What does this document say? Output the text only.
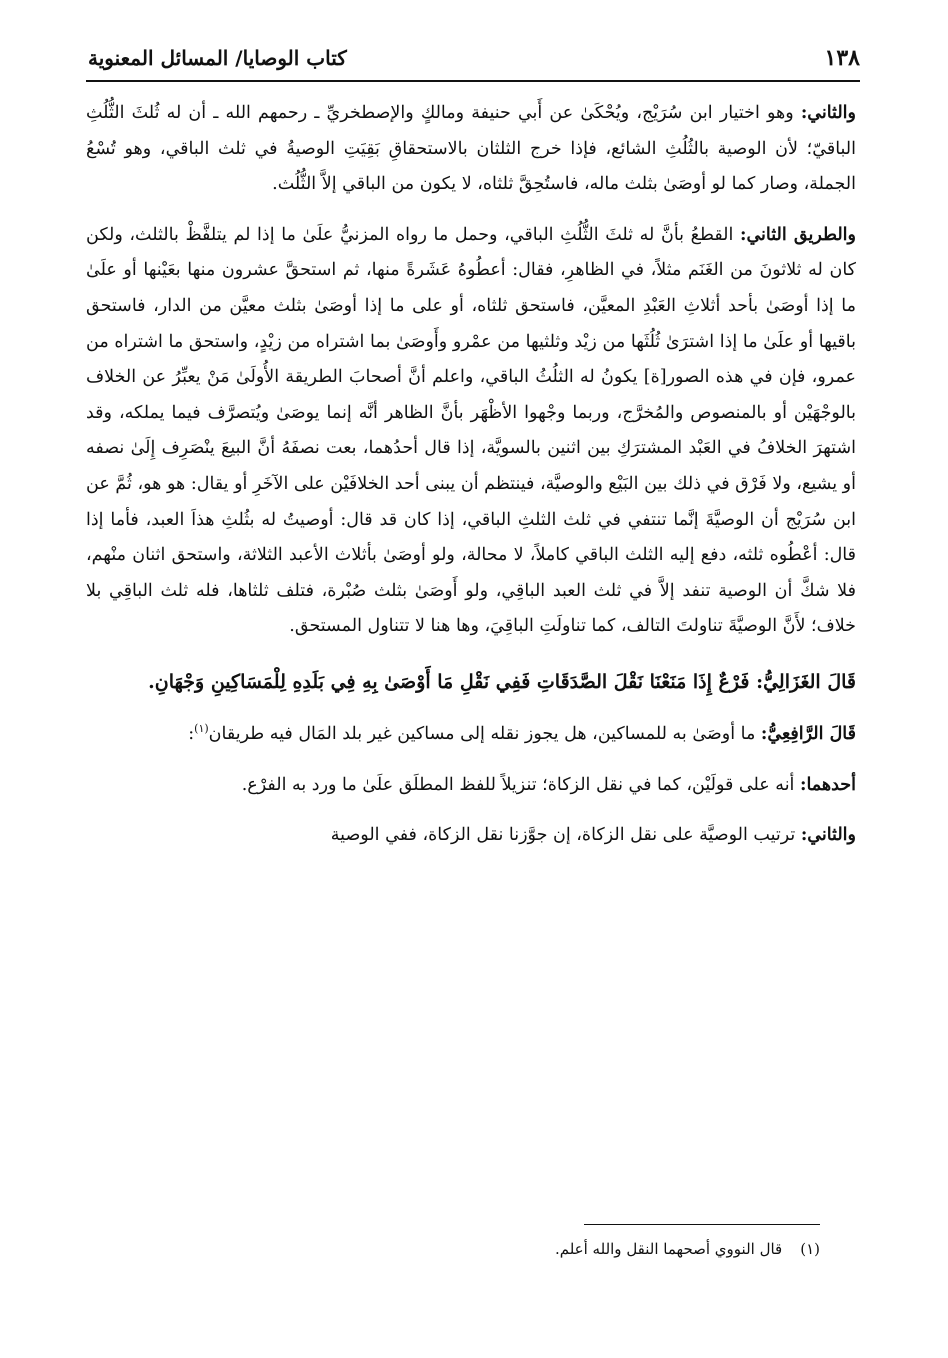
١٣٨
كتاب الوصايا/ المسائل المعنوية

والثاني: وهو اختيار ابن سُرَيْج، ويُحْكَىٰ عن أَبي حنيفة ومالكٍ والإصطخريِّ ـ رحمهم الله ـ أن له ثُلثَ الثُّلُثِ الباقيّ؛ لأن الوصية بالثُلُثِ الشائع، فإذا خرج الثلثان بالاستحقاقِ بَقِيَتِ الوصيةُ في ثلث الباقي، وهو تُسْعُ الجملة، وصار كما لو أوصَىٰ بثلث ماله، فاستُحِقَّ ثلثاه، لا يكون من الباقي إلاَّ الثُّلُث.

والطريق الثاني: القطعُ بأنَّ له ثلثَ الثُّلُثِ الباقي، وحمل ما رواه المزنيُّ علَىٰ ما إذا لم يتلفَّظْ بالثلث، ولكن كان له ثلاثونَ من الغَنَم مثلاً، في الظاهرِ، فقال: أعطُوهُ عَشَرةً منها، ثم استحقَّ عشرون منها بعَيْنها أو علَىٰ ما إذا أوصَىٰ بأحد أثلاثِ العَبْدِ المعيَّن، فاستحق ثلثاه، أو على ما إذا أوصَىٰ بثلث معيَّن من الدار، فاستحق باقيها أو علَىٰ ما إذا اشترَىٰ ثُلُثَها من زيْد وثلثيها من عمْرو وأَوصَىٰ بما اشتراه من زيْدٍ، واستحق ما اشتراه من عمرو، فإن في هذه الصور[ة] يكونُ له الثلُثُ الباقي، واعلم أنَّ أصحابَ الطريقة الأُولَىٰ مَنْ يعبِّرُ عن الخلاف بالوجْهَيْن أو بالمنصوص والمُخرَّج، وربما وجْهوا الأظْهَر بأنَّ الظاهر أنَّه إنما يوصَىٰ ويُتصرَّف فيما يملكه، وقد اشتهرَ الخلافُ في العَبْد المشترَكِ بين اثنين بالسويَّة، إذا قال أحدُهما، بعت نصفَهُ أنَّ البيعَ ينْصَرِف إِلَىٰ نصفه أو يشيع، ولا فَرْق في ذلك بين البَيْع والوصيَّة، فينتظم أن يبنى أحد الخلافَيْن على الآخَرِ أو يقال: هو هو، ثُمَّ عن ابن سُرَيْج أن الوصيَّةَ إنَّما تنتفي في ثلث الثلثِ الباقي، إذا كان قد قال: أوصيتُ له بثُلثِ هذاَ العبد، فأما إذا قال: أعْطُوه ثلثه، دفع إليه الثلث الباقي كاملاً، لا محالة، ولو أوصَىٰ بأثلاث الأعبد الثلاثة، واستحق اثنان منْهم، فلا شكَّ أن الوصية تنفد إلاَّ في ثلث العبد الباقِي، ولو أَوصَىٰ بثلث صُبْرة، فتلف ثلثاها، فله ثلث الباقِي بلا خلاف؛ لأَنَّ الوصيَّةَ تناولتَ التالف، كما تناولَتِ الباقِيَ، وها هنا لا تتناول المستحق.

قَالَ الغَزَالِيُّ: فَرْعٌ إِذَا مَنَعْنَا نَقْلَ الصَّدَقَاتِ فَفِي نَقْلِ مَا أَوْصَىٰ بِهِ فِي بَلَدِهِ لِلْمَسَاكِينِ وَجْهَانِ.

قَالَ الرَّافِعِيُّ: ما أوصَىٰ به للمساكين، هل يجوز نقله إلى مساكين غير بلد المَال فيه طريقان$^{(١)}$:

أحدهما: أنه على قولَيْن، كما في نقل الزكاة؛ تنزيلاً للفظ المطلَق علَىٰ ما ورد به الفرْع.

والثاني: ترتيب الوصيَّة على نقل الزكاة، إن جوَّزنا نقل الزكاة، ففي الوصية

(١)قال النووي أصحهما النقل والله أعلم.
